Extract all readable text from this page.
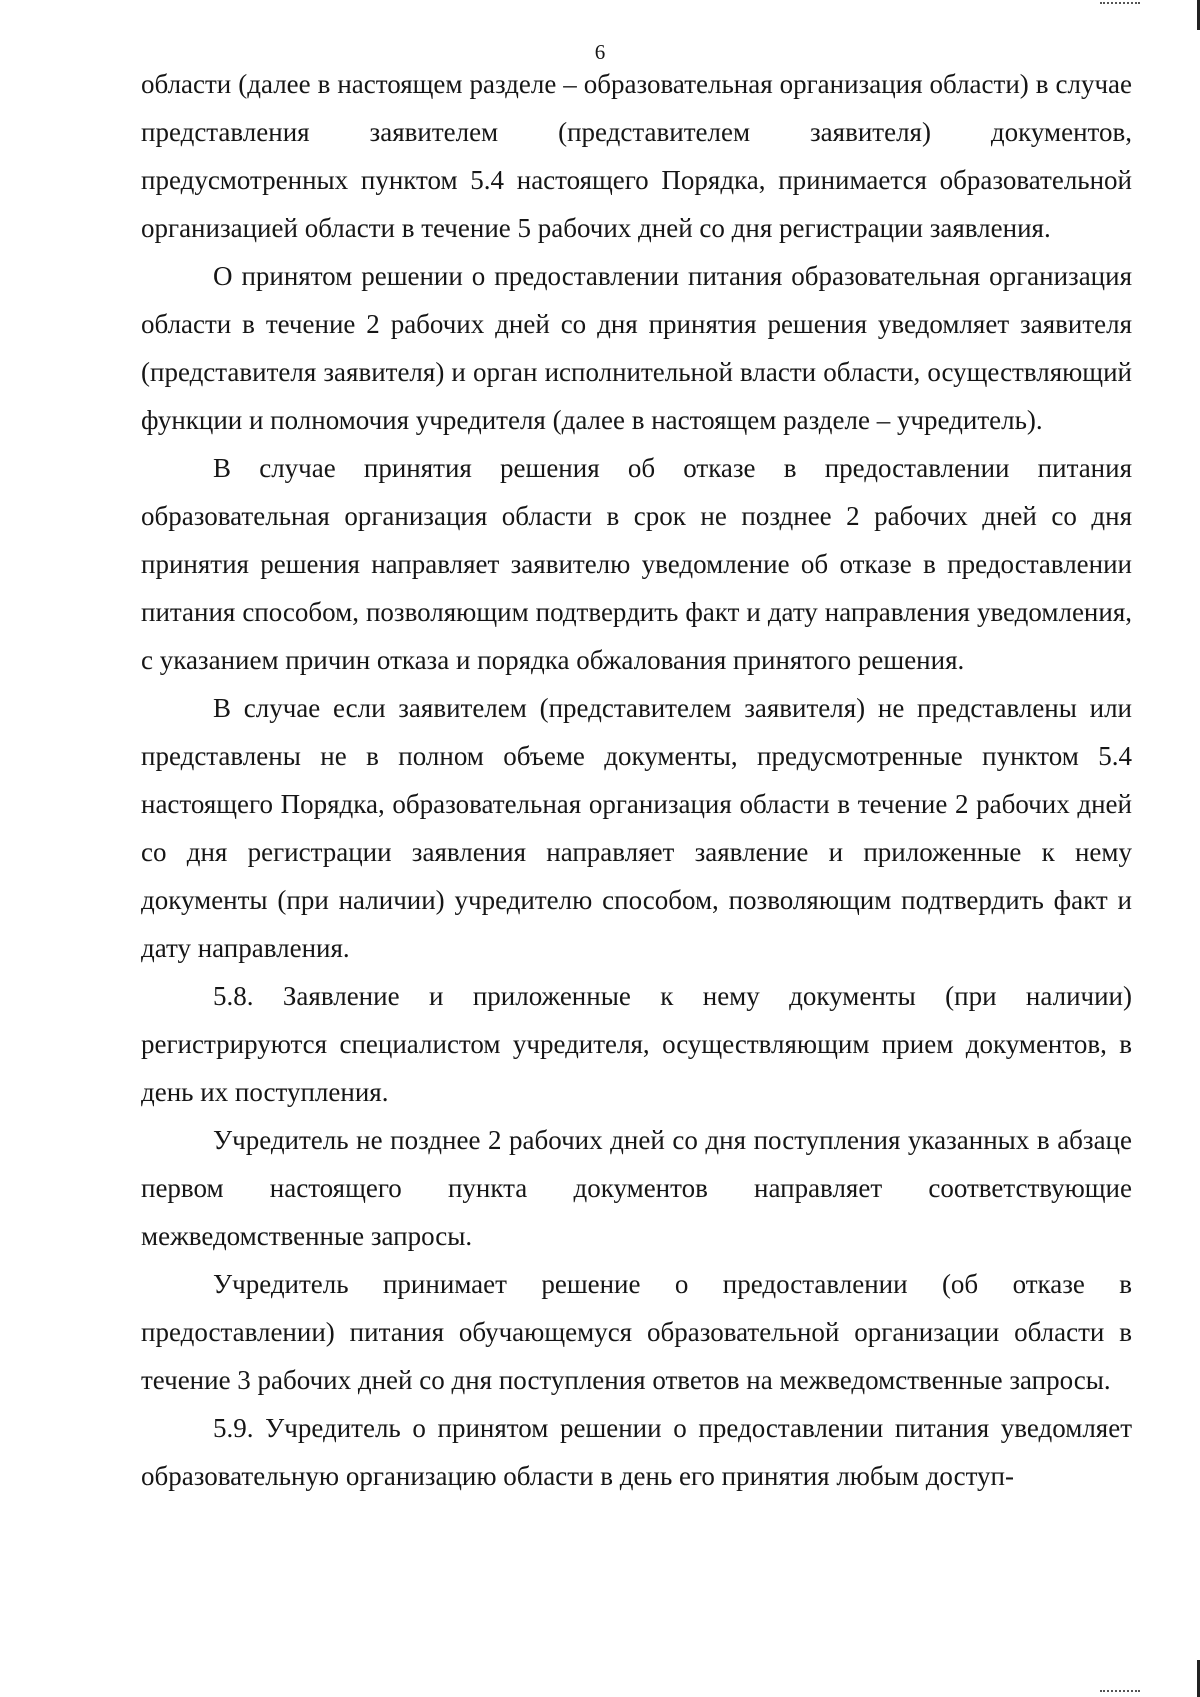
6

области (далее в настоящем разделе – образовательная организация области) в случае представления заявителем (представителем заявителя) документов, предусмотренных пунктом 5.4 настоящего Порядка, принимается образовательной организацией области в течение 5 рабочих дней со дня регистрации заявления.

О принятом решении о предоставлении питания образовательная организация области в течение 2 рабочих дней со дня принятия решения уведомляет заявителя (представителя заявителя) и орган исполнительной власти области, осуществляющий функции и полномочия учредителя (далее в настоящем разделе – учредитель).

В случае принятия решения об отказе в предоставлении питания образовательная организация области в срок не позднее 2 рабочих дней со дня принятия решения направляет заявителю уведомление об отказе в предоставлении питания способом, позволяющим подтвердить факт и дату направления уведомления, с указанием причин отказа и порядка обжалования принятого решения.

В случае если заявителем (представителем заявителя) не представлены или представлены не в полном объеме документы, предусмотренные пунктом 5.4 настоящего Порядка, образовательная организация области в течение 2 рабочих дней со дня регистрации заявления направляет заявление и приложенные к нему документы (при наличии) учредителю способом, позволяющим подтвердить факт и дату направления.

5.8. Заявление и приложенные к нему документы (при наличии) регистрируются специалистом учредителя, осуществляющим прием документов, в день их поступления.

Учредитель не позднее 2 рабочих дней со дня поступления указанных в абзаце первом настоящего пункта документов направляет соответствующие межведомственные запросы.

Учредитель принимает решение о предоставлении (об отказе в предоставлении) питания обучающемуся образовательной организации области в течение 3 рабочих дней со дня поступления ответов на межведомственные запросы.

5.9. Учредитель о принятом решении о предоставлении питания уведомляет образовательную организацию области в день его принятия любым доступ-
